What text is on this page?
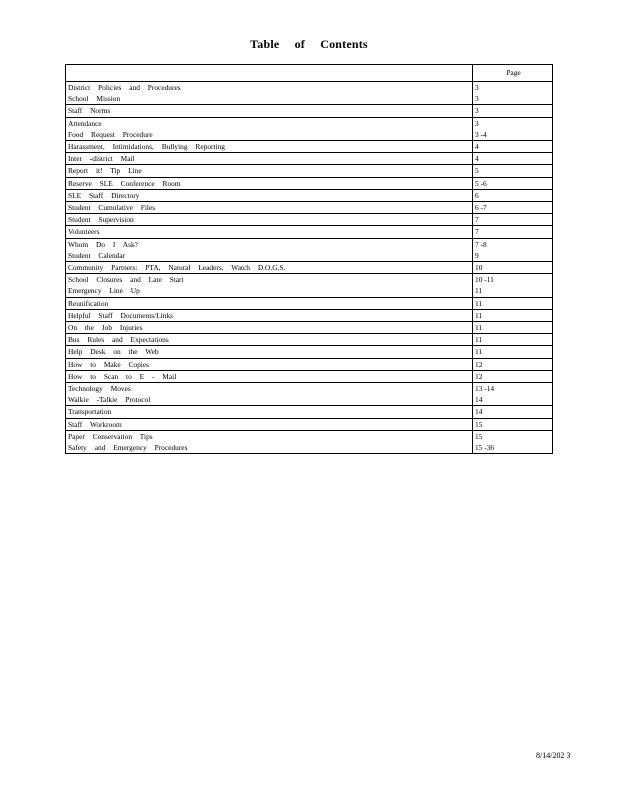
Table of Contents
	Page
District Policies and Procedures	3
School Mission	3
Staff Norms	3
Attendance	3
Food Request Procedure	3 -4
Harassment, Intimidations, Bullying Reporting	4
Inter -district Mail	4
Report it! Tip Line	5
Reserve SLE Conference Room	5 -6
SLE Staff Directory	6
Student Cumulative Files	6 -7
Student Supervision	7
Volunteers	7
Whom Do I Ask?	7 -8
Student Calendar	9
Community Partners: PTA, Natural Leaders, Watch D.O.G.S.	10
School Closures and Late Start	10 -11
Emergency Line Up	11
Reunification	11
Helpful Staff Documents/Links	11
On the Job Injuries	11
Bus Rules and Expectations	11
Help Desk on the Web	11
How to Make Copies	12
How to Scan to E - Mail	12
Technology Moves	13 -14
Walkie -Talkie Protocol	14
Transportation	14
Staff Workroom	15
Paper Conservation Tips	15
Safety and Emergency Procedures	15 -36
8/14/202 3
